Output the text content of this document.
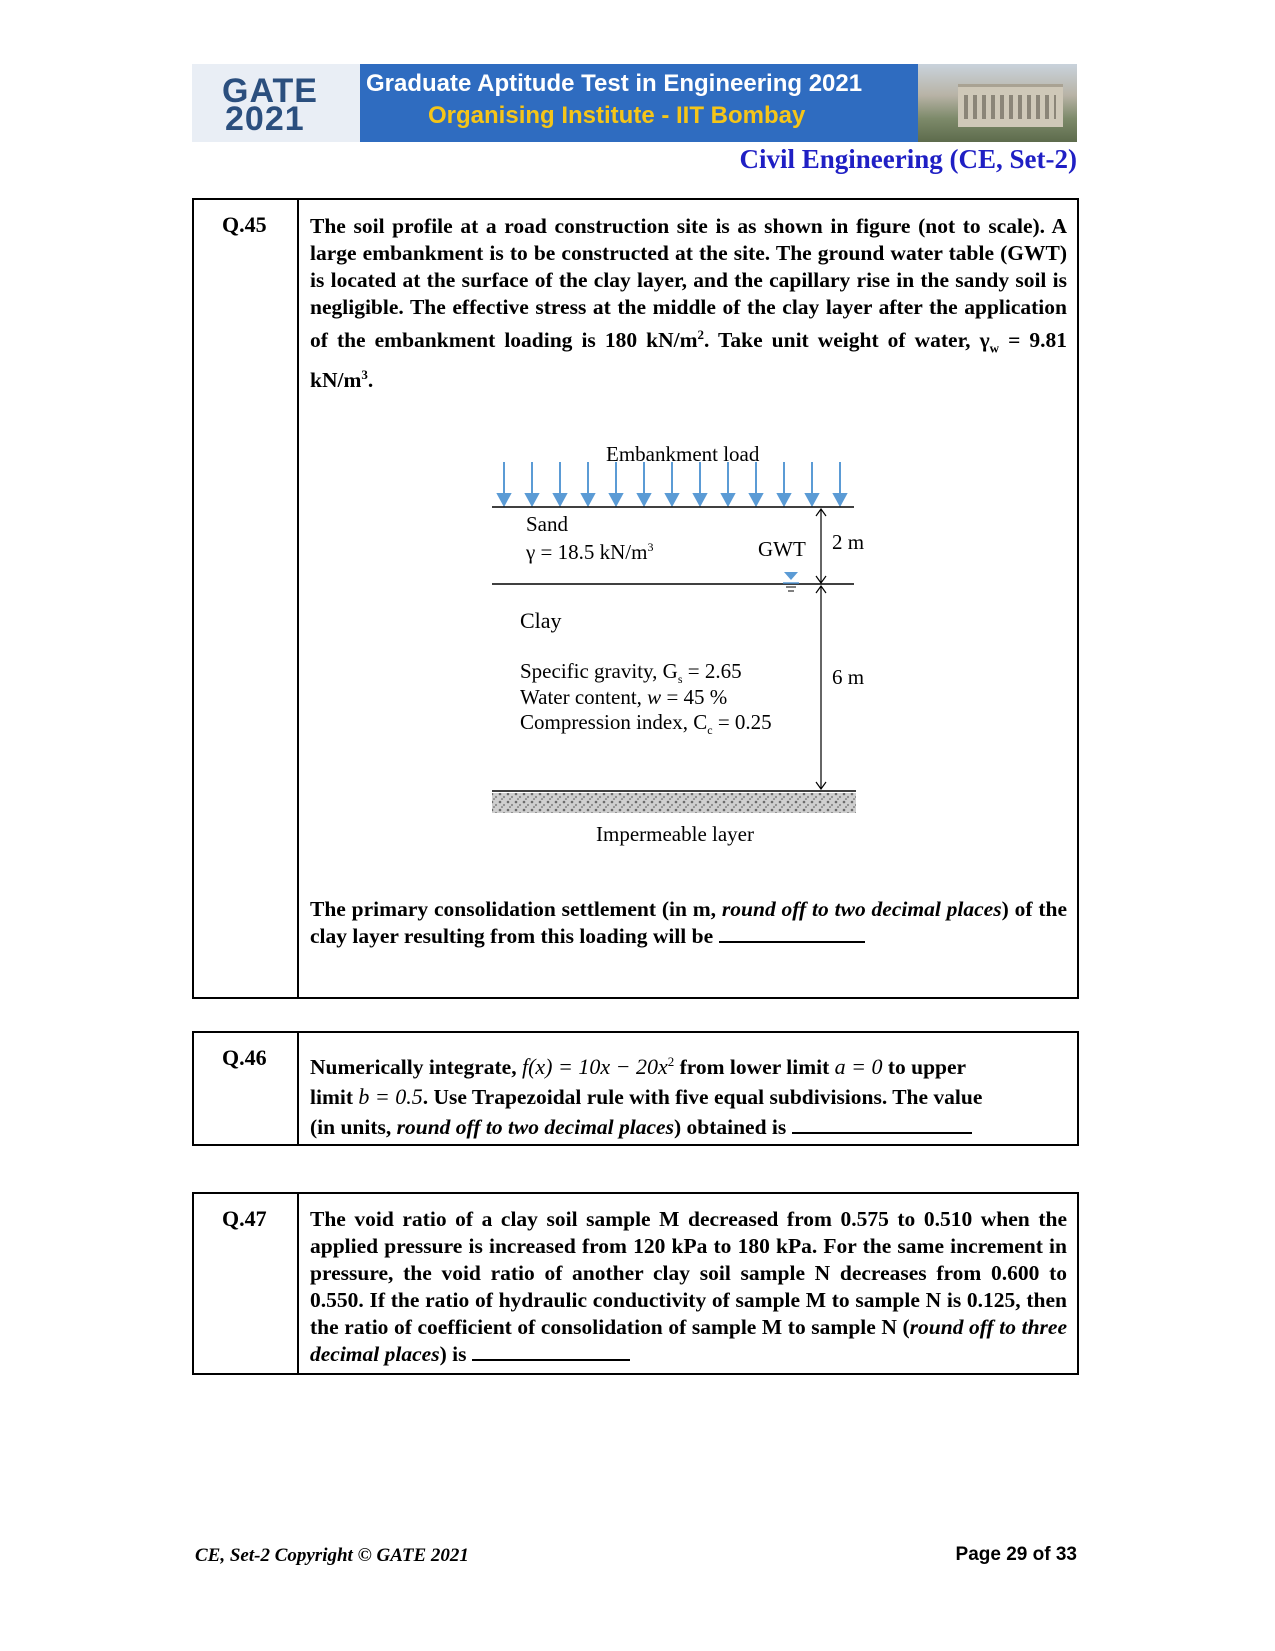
GATE
2021
Graduate Aptitude Test in Engineering 2021
Organising Institute - IIT Bombay
Civil Engineering (CE, Set-2)
Q.45 The soil profile at a road construction site is as shown in figure (not to scale). A large embankment is to be constructed at the site. The ground water table (GWT) is located at the surface of the clay layer, and the capillary rise in the sandy soil is negligible. The effective stress at the middle of the clay layer after the application of the embankment loading is 180 $kN/m^2$. Take unit weight of water, $\gamma_w = 9.81$ $kN/m^3$.
Embankment load
Sand
γ = 18.5 $kN/m^3$	GWT 2 m
Clay
Specific gravity, $G_s = 2.65$
Water content, w = 45 %
Compression index, $C_c = 0.25$
6 m
Impermeable layer
The primary consolidation settlement (in m, round off to two decimal places) of the clay layer resulting from this loading will be
Q.46 Numerically integrate, $f(x) = 10x - 20x^2$ from lower limit a = 0 to upper
limit b = 0.5. Use Trapezoidal rule with five equal subdivisions. The value
(in units, round off to two decimal places) obtained is
Q.47 The void ratio of a clay soil sample M decreased from 0.575 to 0.510 when the applied pressure is increased from 120 kPa to 180 kPa. For the same increment in pressure, the void ratio of another clay soil sample N decreases from 0.600 to 0.550. If the ratio of hydraulic conductivity of sample M to sample N is 0.125, then the ratio of coefficient of consolidation of sample M to sample N (round off to three decimal places) is
CE, Set-2 Copyright © GATE 2021	Page 29 of 33
